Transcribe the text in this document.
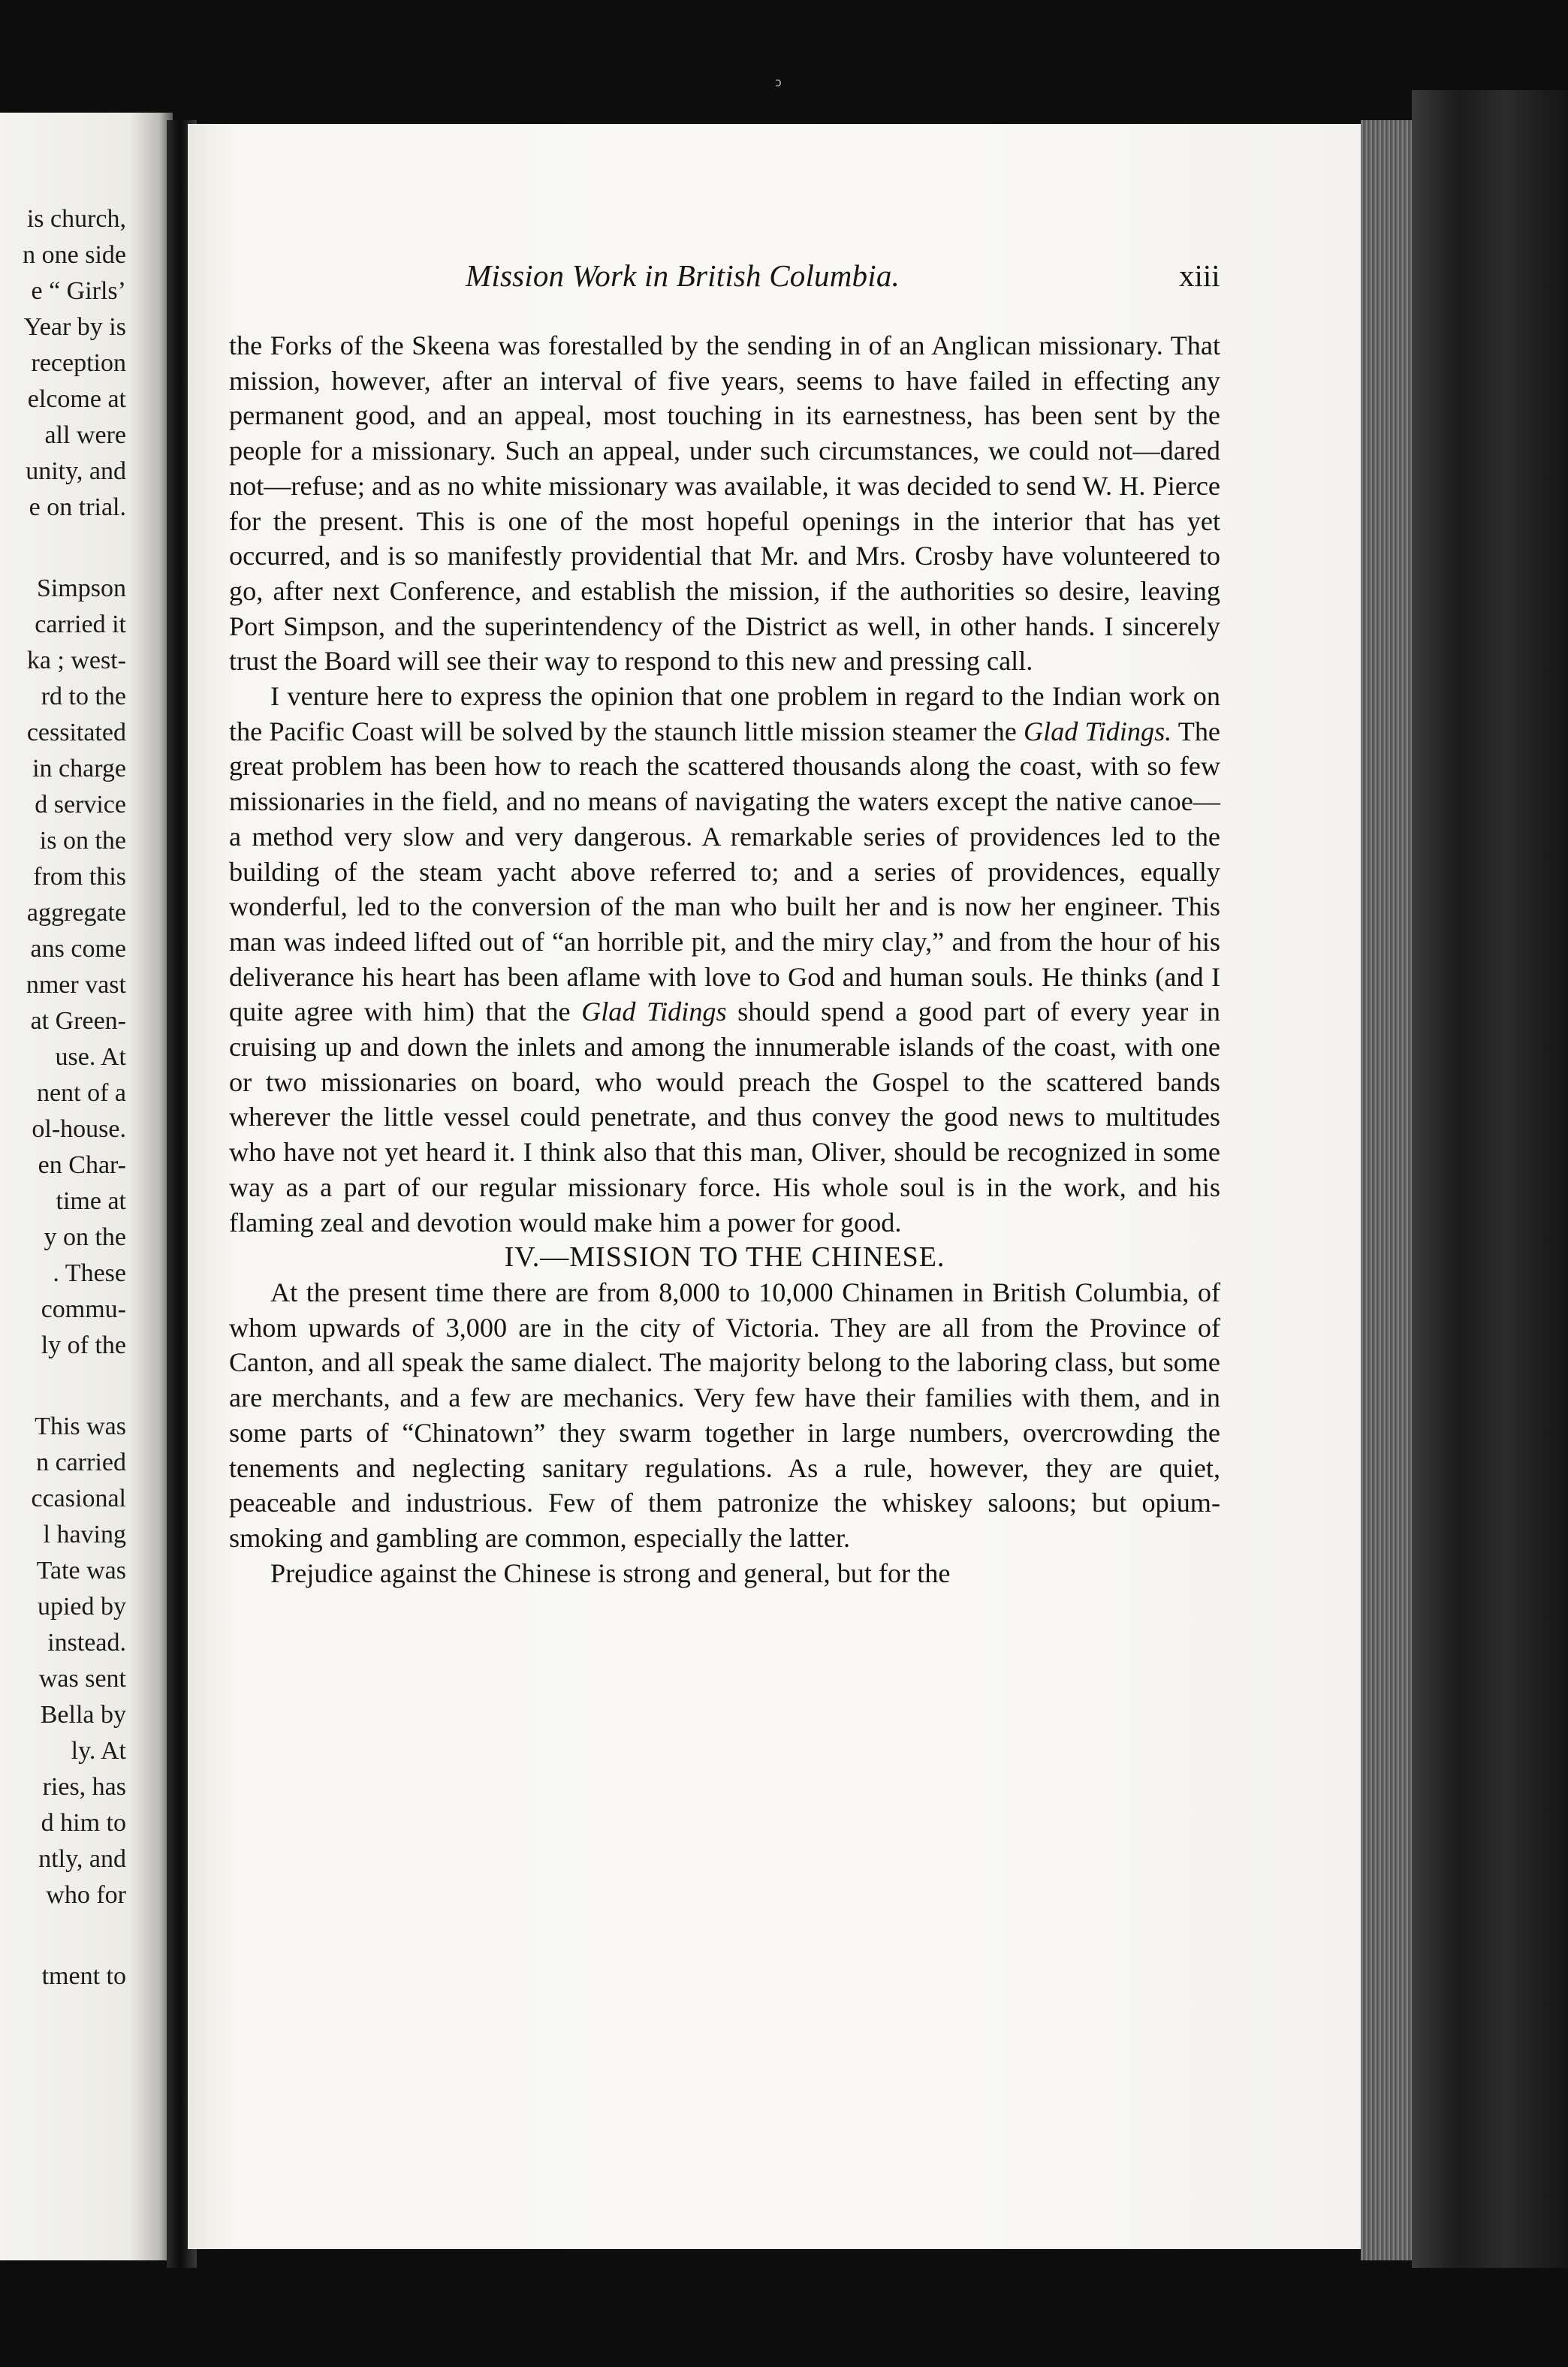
ɔ
is church,
n one side
e “ Girls’
Year by is
reception
elcome at
all were
unity, and
e on trial.
Simpson
carried it
ka ; west-
rd to the
cessitated
in charge
d service
is on the
from this
aggregate
ans come
nmer vast
at Green-
use. At
nent of a
ol-house.
en Char-
time at
y on the
. These
commu-
ly of the
This was
n carried
ccasional
l having
Tate was
upied by
instead.
was sent
Bella by
ly. At
ries, has
d him to
ntly, and
who for
tment to
Mission Work in British Columbia.	xiii

the Forks of the Skeena was forestalled by the sending in of an Anglican missionary. That mission, however, after an interval of five years, seems to have failed in effecting any permanent good, and an appeal, most touching in its earnestness, has been sent by the people for a missionary. Such an appeal, under such circumstances, we could not—dared not—refuse; and as no white missionary was available, it was decided to send W. H. Pierce for the present. This is one of the most hopeful openings in the interior that has yet occurred, and is so manifestly providential that Mr. and Mrs. Crosby have volunteered to go, after next Conference, and establish the mission, if the authorities so desire, leaving Port Simpson, and the superintendency of the District as well, in other hands. I sincerely trust the Board will see their way to respond to this new and pressing call.

I venture here to express the opinion that one problem in regard to the Indian work on the Pacific Coast will be solved by the staunch little mission steamer the Glad Tidings. The great problem has been how to reach the scattered thousands along the coast, with so few missionaries in the field, and no means of navigating the waters except the native canoe—a method very slow and very dangerous. A remarkable series of providences led to the building of the steam yacht above referred to; and a series of providences, equally wonderful, led to the conversion of the man who built her and is now her engineer. This man was indeed lifted out of “an horrible pit, and the miry clay,” and from the hour of his deliverance his heart has been aflame with love to God and human souls. He thinks (and I quite agree with him) that the Glad Tidings should spend a good part of every year in cruising up and down the inlets and among the innumerable islands of the coast, with one or two missionaries on board, who would preach the Gospel to the scattered bands wherever the little vessel could penetrate, and thus convey the good news to multitudes who have not yet heard it. I think also that this man, Oliver, should be recognized in some way as a part of our regular missionary force. His whole soul is in the work, and his flaming zeal and devotion would make him a power for good.

IV.—MISSION TO THE CHINESE.

At the present time there are from 8,000 to 10,000 Chinamen in British Columbia, of whom upwards of 3,000 are in the city of Victoria. They are all from the Province of Canton, and all speak the same dialect. The majority belong to the laboring class, but some are merchants, and a few are mechanics. Very few have their families with them, and in some parts of “Chinatown” they swarm together in large numbers, overcrowding the tenements and neglecting sanitary regulations. As a rule, however, they are quiet, peaceable and industrious. Few of them patronize the whiskey saloons; but opium-smoking and gambling are common, especially the latter.

Prejudice against the Chinese is strong and general, but for the
